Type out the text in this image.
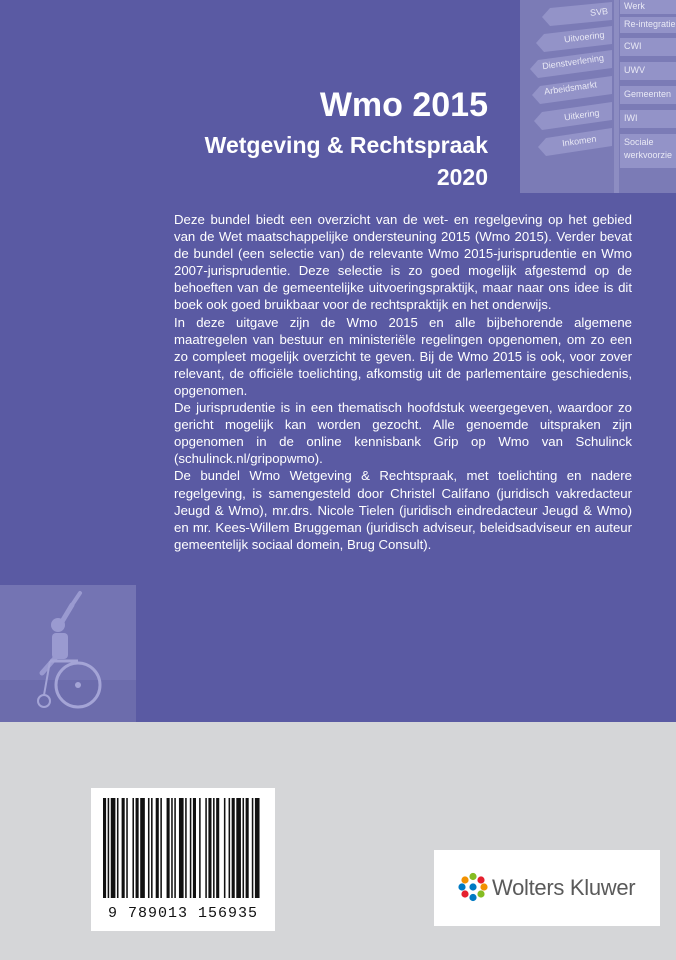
SVB
Uitvoering
Dienstverlening
Arbeidsmarkt
Uitkering
Inkomen
Werk
Re-integratie
CWI
UWV
Gemeenten
IWI
Sociale
werkvoorzie
Wmo 2015
Wetgeving & Rechtspraak
2020

Deze bundel biedt een overzicht van de wet- en regelgeving op het gebied van de Wet maatschappelijke ondersteuning 2015 (Wmo 2015). Verder bevat de bundel (een selectie van) de relevante Wmo 2015-jurisprudentie en Wmo 2007-jurisprudentie. Deze selectie is zo goed mogelijk afgestemd op de behoeften van de gemeentelijke uitvoeringspraktijk, maar naar ons idee is dit boek ook goed bruikbaar voor de rechtspraktijk en het onderwijs.

In deze uitgave zijn de Wmo 2015 en alle bijbehorende algemene maatregelen van bestuur en ministeriële regelingen opgenomen, om zo een zo compleet mogelijk overzicht te geven. Bij de Wmo 2015 is ook, voor zover relevant, de officiële toelichting, afkomstig uit de parlementaire geschiedenis, opgenomen.

De jurisprudentie is in een thematisch hoofdstuk weergegeven, waardoor zo gericht mogelijk kan worden gezocht. Alle genoemde uitspraken zijn opgenomen in de online kennisbank Grip op Wmo van Schulinck (schulinck.nl/gripopwmo).

De bundel Wmo Wetgeving & Rechtspraak, met toelichting en nadere regelgeving, is samengesteld door Christel Califano (juridisch vakredacteur Jeugd & Wmo), mr.drs. Nicole Tielen (juridisch eindredacteur Jeugd & Wmo) en mr. Kees-Willem Bruggeman (juridisch adviseur, beleidsadviseur en auteur gemeentelijk sociaal domein, Brug Consult).

9 789013 156935
Wolters Kluwer
